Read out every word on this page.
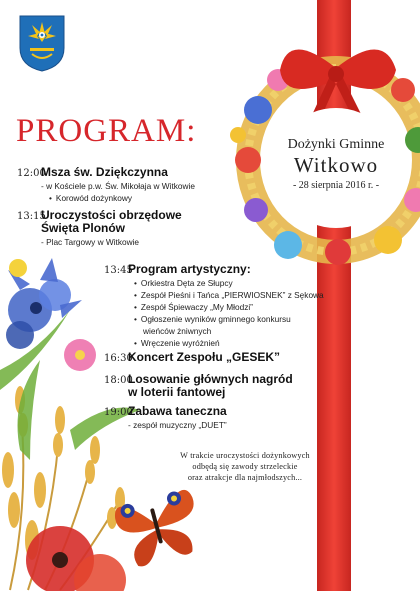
Dożynki Gminne
Witkowo
- 28 sierpnia 2016 r. -
PROGRAM:
12:00
Msza św. Dziękczynna
- w Kościele p.w. Św. Mikołaja w Witkowie
• Korowód dożynkowy
13:15
Uroczystości obrzędowe
Święta Plonów
- Plac Targowy w Witkowie
13:45
Program artystyczny:
• Orkiestra Dęta ze Słupcy
• Zespół Pieśni i Tańca „PIERWIOSNEK” z Sękowa
• Zespół Śpiewaczy „My Młodzi”
• Ogłoszenie wyników gminnego konkursu
wieńców żniwnych
• Wręczenie wyróżnień
16:30
Koncert Zespołu „GESEK”
18:00
Losowanie głównych nagród
w loterii fantowej
19:00
Zabawa taneczna
- zespół muzyczny „DUET”
W trakcie uroczystości dożynkowych
odbędą się zawody strzeleckie
oraz atrakcje dla najmłodszych...
